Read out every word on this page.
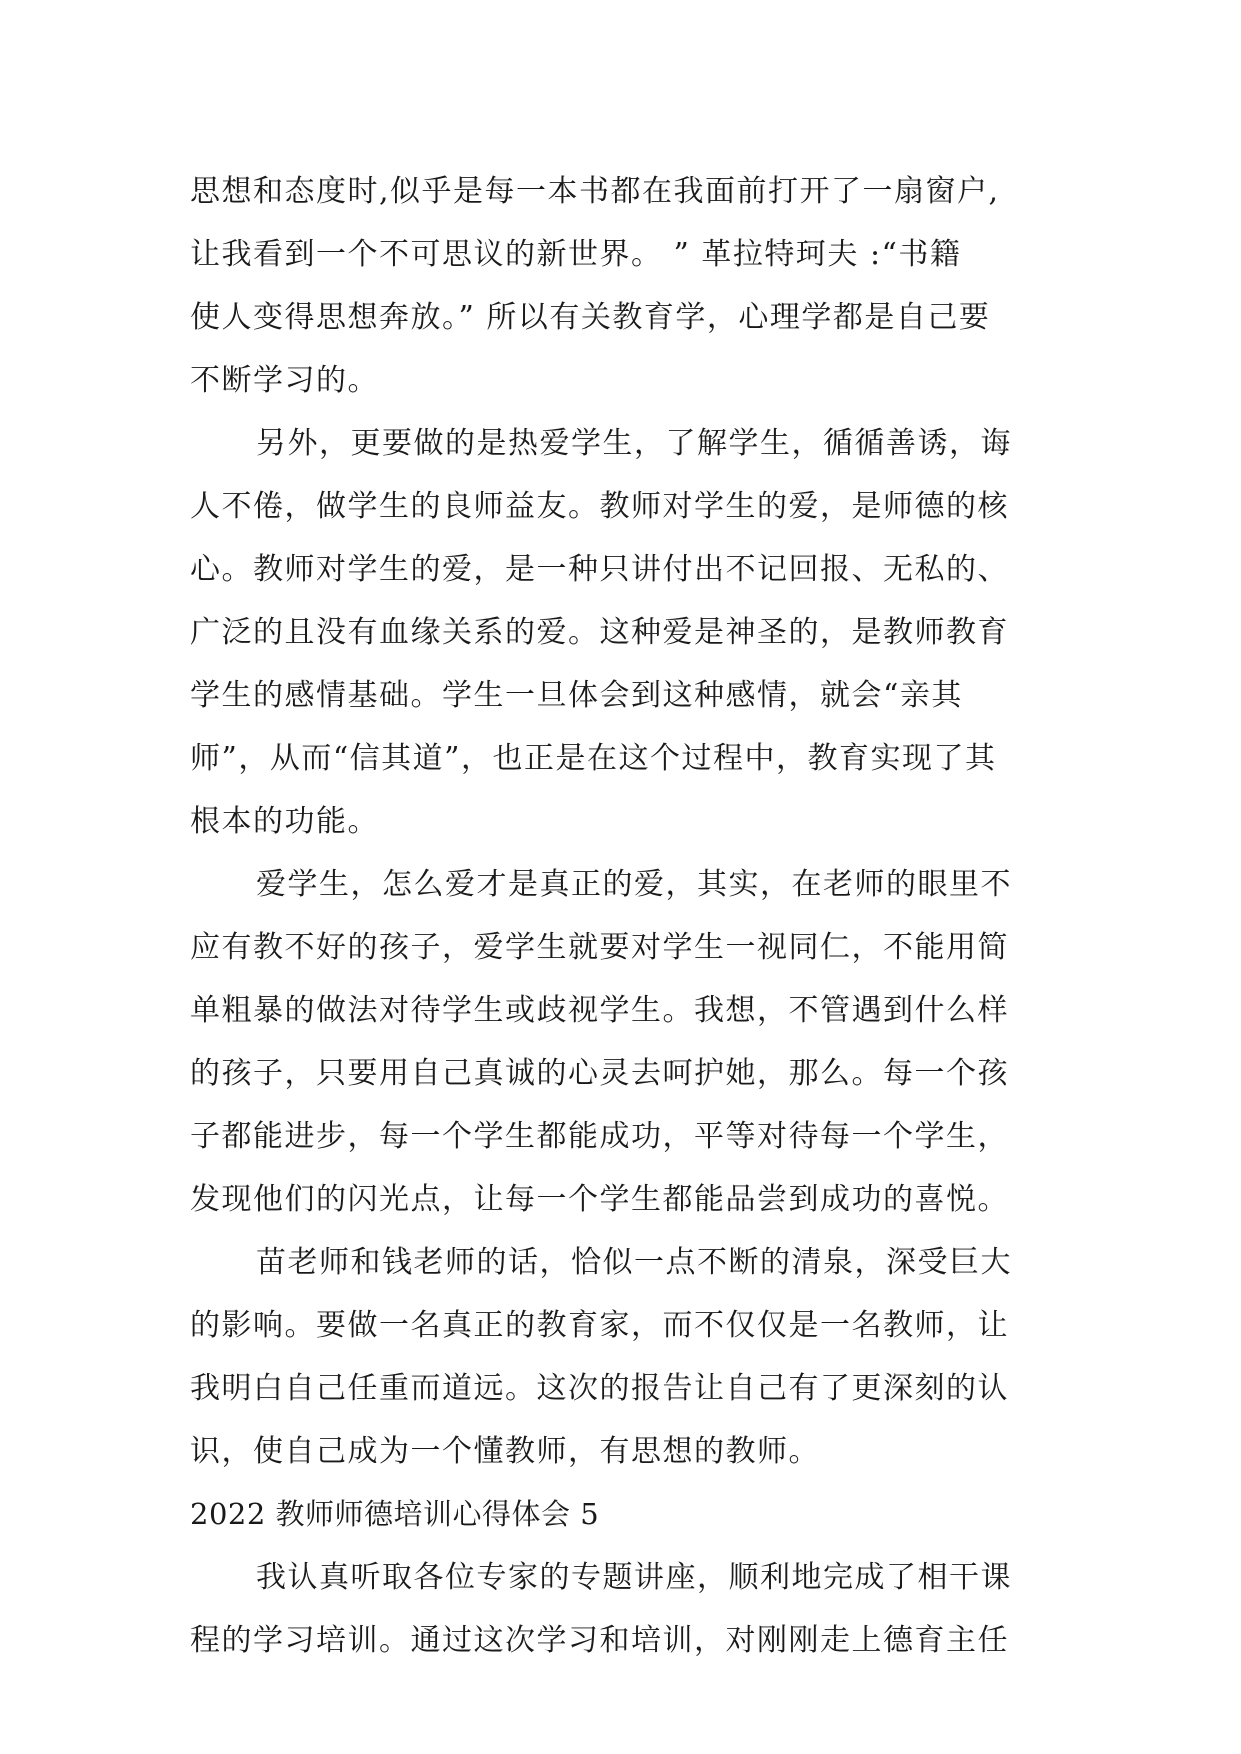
思想和态度时,似乎是每一本书都在我面前打开了一扇窗户,
让我看到一个不可思议的新世界。 ” 革拉特珂夫 :“书籍
使人变得思想奔放。” 所以有关教育学，心理学都是自己要
不断学习的。
另外，更要做的是热爱学生，了解学生，循循善诱，诲
人不倦，做学生的良师益友。教师对学生的爱，是师德的核
心。教师对学生的爱，是一种只讲付出不记回报、无私的、
广泛的且没有血缘关系的爱。这种爱是神圣的，是教师教育
学生的感情基础。学生一旦体会到这种感情，就会“亲其
师”，从而“信其道”，也正是在这个过程中，教育实现了其
根本的功能。
爱学生，怎么爱才是真正的爱，其实，在老师的眼里不
应有教不好的孩子，爱学生就要对学生一视同仁，不能用简
单粗暴的做法对待学生或歧视学生。我想，不管遇到什么样
的孩子，只要用自己真诚的心灵去呵护她，那么。每一个孩
子都能进步，每一个学生都能成功，平等对待每一个学生，
发现他们的闪光点，让每一个学生都能品尝到成功的喜悦。
苗老师和钱老师的话，恰似一点不断的清泉，深受巨大
的影响。要做一名真正的教育家，而不仅仅是一名教师，让
我明白自己任重而道远。这次的报告让自己有了更深刻的认
识，使自己成为一个懂教师，有思想的教师。
2022 教师师德培训心得体会 5
我认真听取各位专家的专题讲座，顺利地完成了相干课
程的学习培训。通过这次学习和培训，对刚刚走上德育主任
